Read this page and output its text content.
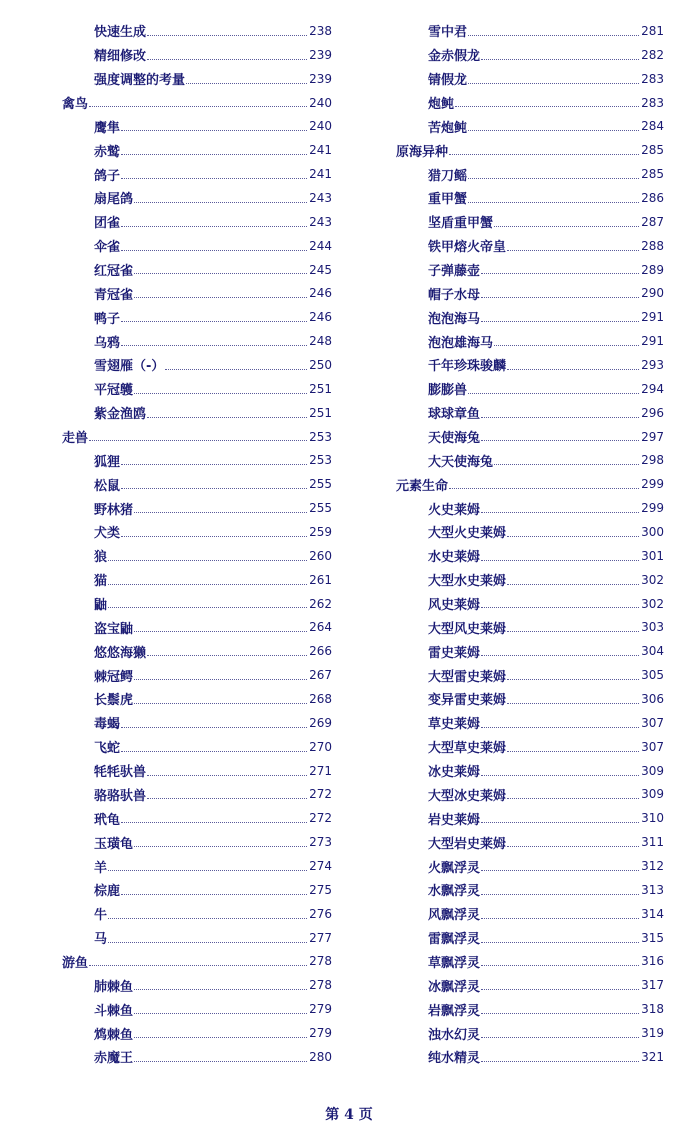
快速生成	238
精细修改	239
强度调整的考量	239
禽鸟	240
鹰隼	240
赤鹫	241
鸽子	241
扇尾鸽	243
团雀	243
伞雀	244
红冠雀	245
青冠雀	246
鸭子	246
乌鸦	248
雪翅雁（-）	250
平冠鹱	251
紫金渔鸥	251
走兽	253
狐狸	253
松鼠	255
野林猪	255
犬类	259
狼	260
猫	261
鼬	262
盗宝鼬	264
悠悠海獭	266
棘冠鳄	267
长鬃虎	268
毒蝎	269
飞蛇	270
牦牦驮兽	271
骆骆驮兽	272
玳龟	272
玉璜龟	273
羊	274
棕鹿	275
牛	276
马	277
游鱼	278
肺棘鱼	278
斗棘鱼	279
鸩棘鱼	279
赤魔王	280
雪中君	281
金赤假龙	282
锖假龙	283
炮鲀	283
苦炮鲀	284
原海异种	285
猎刀鳐	285
重甲蟹	286
坚盾重甲蟹	287
铁甲熔火帝皇	288
子弹藤壶	289
帽子水母	290
泡泡海马	291
泡泡雄海马	291
千年珍珠骏麟	293
膨膨兽	294
球球章鱼	296
天使海兔	297
大天使海兔	298
元素生命	299
火史莱姆	299
大型火史莱姆	300
水史莱姆	301
大型水史莱姆	302
风史莱姆	302
大型风史莱姆	303
雷史莱姆	304
大型雷史莱姆	305
变异雷史莱姆	306
草史莱姆	307
大型草史莱姆	307
冰史莱姆	309
大型冰史莱姆	309
岩史莱姆	310
大型岩史莱姆	311
火飘浮灵	312
水飘浮灵	313
风飘浮灵	314
雷飘浮灵	315
草飘浮灵	316
冰飘浮灵	317
岩飘浮灵	318
浊水幻灵	319
纯水精灵	321
第 4 页
